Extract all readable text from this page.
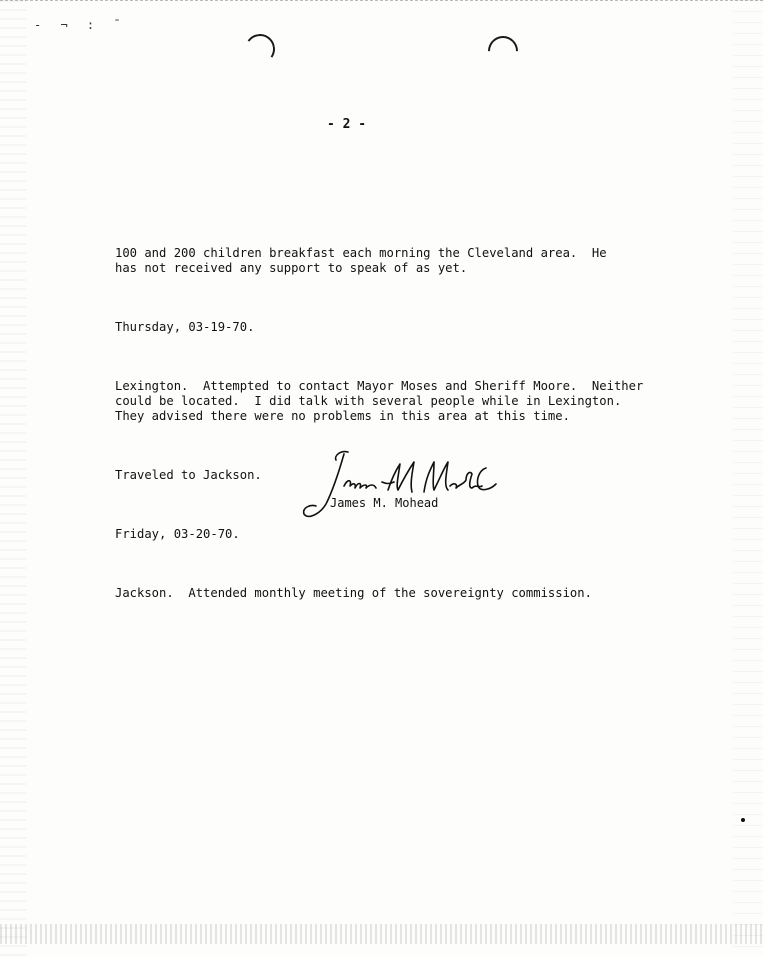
- ¬ : ˉ
- 2 -

100 and 200 children breakfast each morning the Cleveland area.  He
has not received any support to speak of as yet.

Thursday, 03-19-70.

Lexington.  Attempted to contact Mayor Moses and Sheriff Moore.  Neither
could be located.  I did talk with several people while in Lexington.
They advised there were no problems in this area at this time.

Traveled to Jackson.

Friday, 03-20-70.

Jackson.  Attended monthly meeting of the sovereignty commission.

James M. Mohead
